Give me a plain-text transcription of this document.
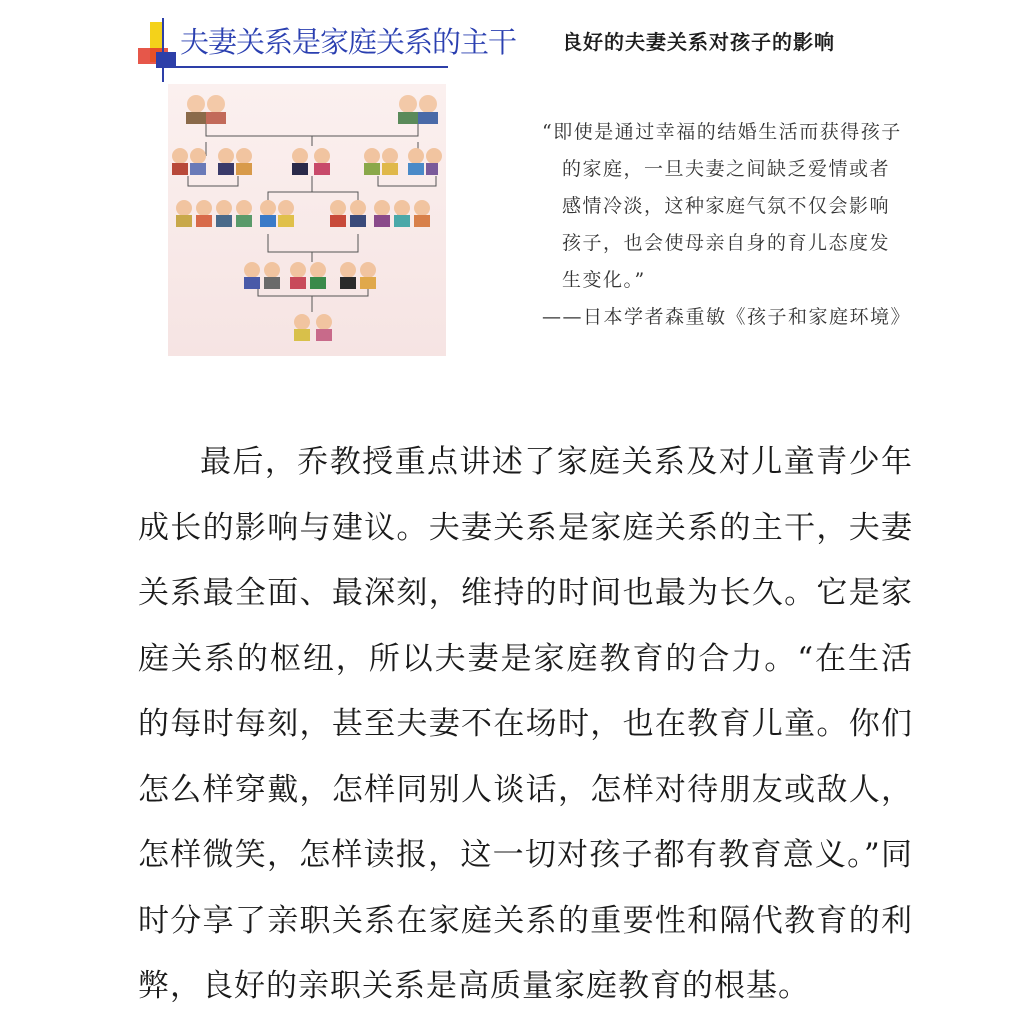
夫妻关系是家庭关系的主干 良好的夫妻关系对孩子的影响
“即使是通过幸福的结婚生活而获得孩子的家庭，一旦夫妻之间缺乏爱情或者感情冷淡，这种家庭气氛不仅会影响孩子，也会使母亲自身的育儿态度发生变化。”
——日本学者森重敏《孩子和家庭环境》
最后，乔教授重点讲述了家庭关系及对儿童青少年成长的影响与建议。夫妻关系是家庭关系的主干，夫妻关系最全面、最深刻，维持的时间也最为长久。它是家庭关系的枢纽，所以夫妻是家庭教育的合力。“在生活的每时每刻，甚至夫妻不在场时，也在教育儿童。你们怎么样穿戴，怎样同别人谈话，怎样对待朋友或敌人，怎样微笑，怎样读报，这一切对孩子都有教育意义。”同时分享了亲职关系在家庭关系的重要性和隔代教育的利弊，良好的亲职关系是高质量家庭教育的根基。
